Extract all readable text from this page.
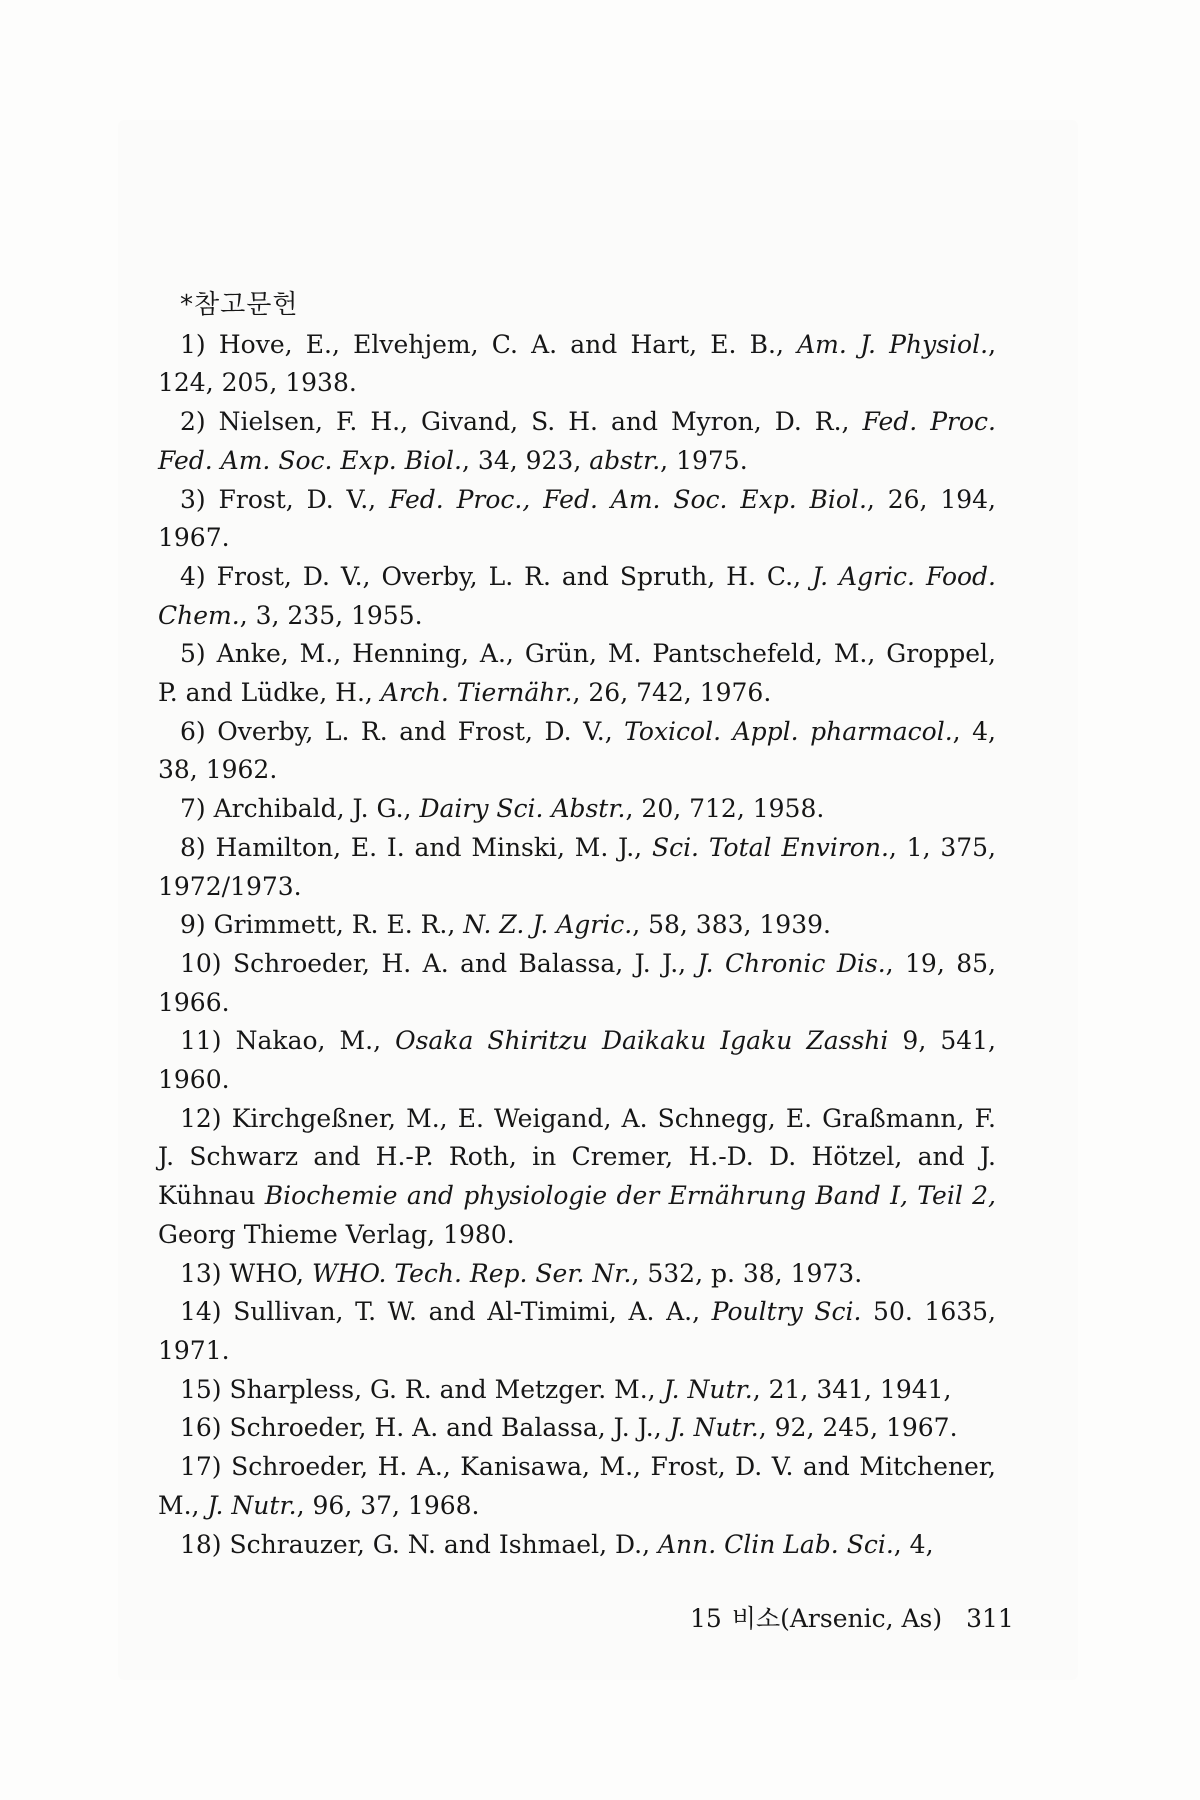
*참고문헌
1) Hove, E., Elvehjem, C. A. and Hart, E. B., Am. J. Physiol., 124, 205, 1938.
2) Nielsen, F. H., Givand, S. H. and Myron, D. R., Fed. Proc. Fed. Am. Soc. Exp. Biol., 34, 923, abstr., 1975.
3) Frost, D. V., Fed. Proc., Fed. Am. Soc. Exp. Biol., 26, 194, 1967.
4) Frost, D. V., Overby, L. R. and Spruth, H. C., J. Agric. Food. Chem., 3, 235, 1955.
5) Anke, M., Henning, A., Grün, M. Pantschefeld, M., Groppel, P. and Lüdke, H., Arch. Tiernähr., 26, 742, 1976.
6) Overby, L. R. and Frost, D. V., Toxicol. Appl. pharmacol., 4, 38, 1962.
7) Archibald, J. G., Dairy Sci. Abstr., 20, 712, 1958.
8) Hamilton, E. I. and Minski, M. J., Sci. Total Environ., 1, 375, 1972/1973.
9) Grimmett, R. E. R., N. Z. J. Agric., 58, 383, 1939.
10) Schroeder, H. A. and Balassa, J. J., J. Chronic Dis., 19, 85, 1966.
11) Nakao, M., Osaka Shiritzu Daikaku Igaku Zasshi 9, 541, 1960.
12) Kirchgeßner, M., E. Weigand, A. Schnegg, E. Graßmann, F. J. Schwarz and H.-P. Roth, in Cremer, H.-D. D. Hötzel, and J. Kühnau Biochemie and physiologie der Ernährung Band I, Teil 2, Georg Thieme Verlag, 1980.
13) WHO, WHO. Tech. Rep. Ser. Nr., 532, p. 38, 1973.
14) Sullivan, T. W. and Al-Timimi, A. A., Poultry Sci. 50. 1635, 1971.
15) Sharpless, G. R. and Metzger. M., J. Nutr., 21, 341, 1941,
16) Schroeder, H. A. and Balassa, J. J., J. Nutr., 92, 245, 1967.
17) Schroeder, H. A., Kanisawa, M., Frost, D. V. and Mitchener, M., J. Nutr., 96, 37, 1968.
18) Schrauzer, G. N. and Ishmael, D., Ann. Clin Lab. Sci., 4,
15 비소(Arsenic, As) 311
